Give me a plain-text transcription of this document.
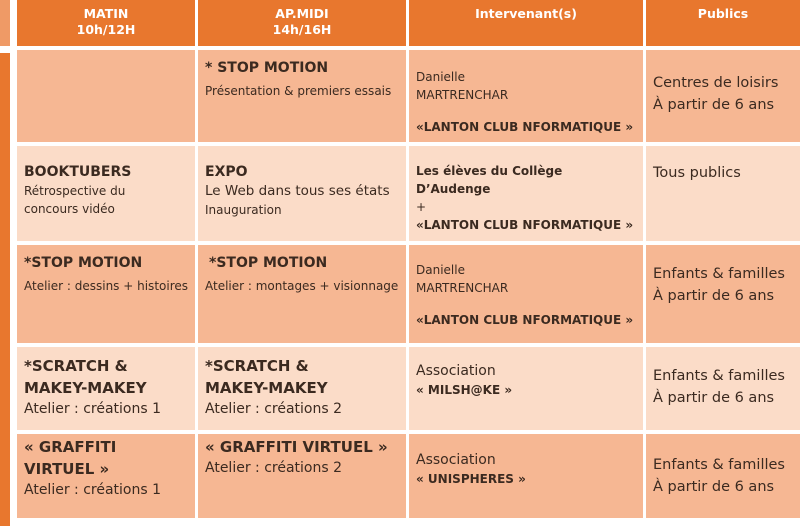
MATIN
10h/12H	AP.MIDI
14h/16H	Intervenant(s)	Publics

	* STOP MOTION
Présentation & premiers essais	Danielle
MARTRENCHAR
«LANTON CLUB NFORMATIQUE »	Centres de loisirs
À partir de 6 ans

BOOKTUBERS
Rétrospective du
concours vidéo	EXPO
Le Web dans tous ses états
Inauguration	Les élèves du Collège
D’Audenge
+
«LANTON CLUB NFORMATIQUE »	Tous publics

*STOP MOTION
Atelier : dessins + histoires	*STOP MOTION
Atelier : montages + visionnage	Danielle
MARTRENCHAR
«LANTON CLUB NFORMATIQUE »	Enfants & familles
À partir de 6 ans

*SCRATCH &
MAKEY-MAKEY
Atelier : créations 1	*SCRATCH &
MAKEY-MAKEY
Atelier : créations 2	Association
« MILSH@KE »	Enfants & familles
À partir de 6 ans

« GRAFFITI VIRTUEL »
Atelier : créations 1	« GRAFFITI VIRTUEL »
Atelier : créations 2	Association
« UNISPHERES »	Enfants & familles
À partir de 6 ans
